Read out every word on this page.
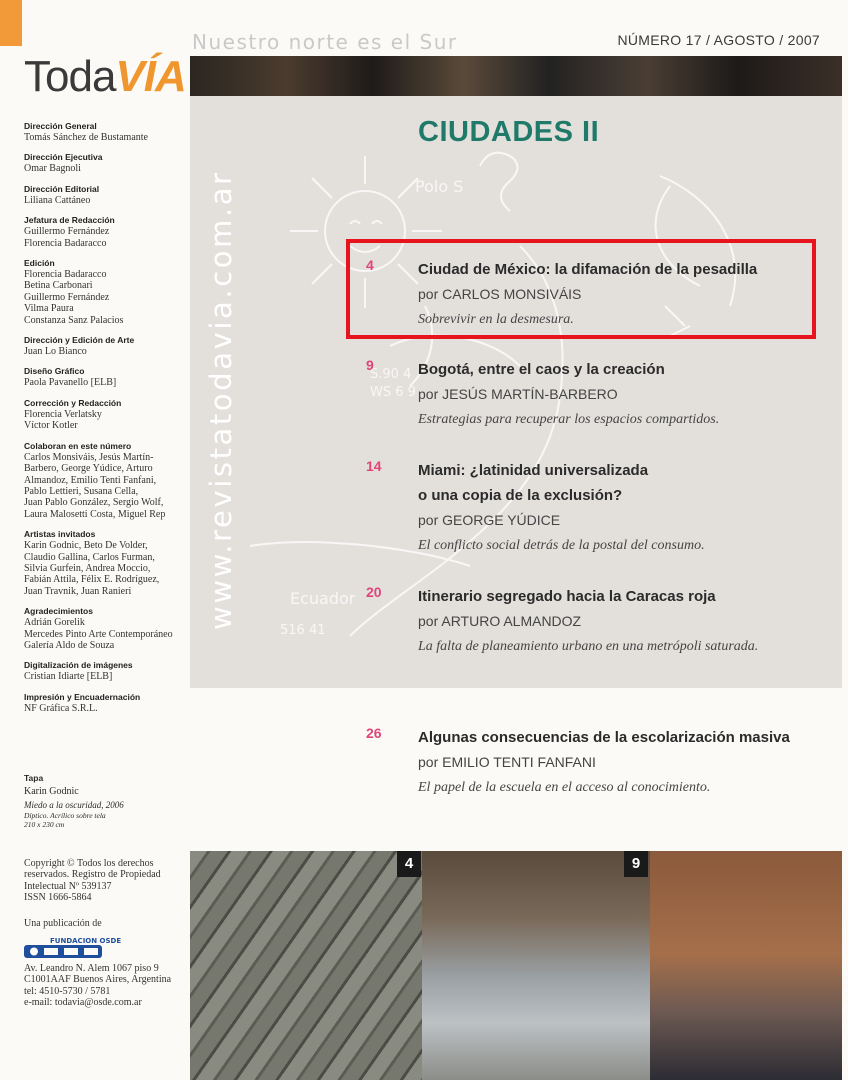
TodaVÍA
Nuestro norte es el Sur	NÚMERO 17 / AGOSTO / 2007
Polo S
S.90 4
WS 6 9
Ecuador
516 41
www.revistatodavia.com.ar
CIUDADES II
4	Ciudad de México: la difamación de la pesadilla
por CARLOS MONSIVÁIS
Sobrevivir en la desmesura.
9	Bogotá, entre el caos y la creación
por JESÚS MARTÍN-BARBERO
Estrategias para recuperar los espacios compartidos.
14 Miami: ¿latinidad universalizada
o una copia de la exclusión?
por GEORGE YÚDICE
El conflicto social detrás de la postal del consumo.
20 Itinerario segregado hacia la Caracas roja
por ARTURO ALMANDOZ
La falta de planeamiento urbano en una metrópoli saturada.
26 Algunas consecuencias de la escolarización masiva
por EMILIO TENTI FANFANI
El papel de la escuela en el acceso al conocimiento.
Dirección General
Tomás Sánchez de Bustamante
Dirección Ejecutiva
Omar Bagnoli
Dirección Editorial
Liliana Cattáneo
Jefatura de Redacción
Guillermo Fernández
Florencia Badaracco
Edición
Florencia Badaracco
Betina Carbonari
Guillermo Fernández
Vilma Paura
Constanza Sanz Palacios
Dirección y Edición de Arte
Juan Lo Bianco
Diseño Gráfico
Paola Pavanello [ELB]
Corrección y Redacción
Florencia Verlatsky
Víctor Kotler
Colaboran en este número
Carlos Monsiváis, Jesús Martín-
Barbero, George Yúdice, Arturo
Almandoz, Emilio Tenti Fanfani,
Pablo Lettieri, Susana Cella,
Juan Pablo González, Sergio Wolf,
Laura Malosetti Costa, Miguel Rep
Artistas invitados
Karin Godnic, Beto De Volder,
Claudio Gallina, Carlos Furman,
Silvia Gurfein, Andrea Moccio,
Fabián Attila, Félix E. Rodríguez,
Juan Travnik, Juan Ranieri
Agradecimientos
Adrián Gorelik
Mercedes Pinto Arte Contemporáneo
Galería Aldo de Souza
Digitalización de imágenes
Cristian Idiarte [ELB]
Impresión y Encuadernación
NF Gráfica S.R.L.
Tapa
Karin Godnic
Miedo a la oscuridad, 2006
Díptico. Acrílico sobre tela
210 x 230 cm
Copyright © Todos los derechos
reservados. Registro de Propiedad
Intelectual Nº 539137
ISSN 1666-5864
Una publicación de
FUNDACION OSDE
Av. Leandro N. Alem 1067 piso 9
C1001AAF Buenos Aires, Argentina
tel: 4510-5730 / 5781
e-mail: todavia@osde.com.ar
4	9
